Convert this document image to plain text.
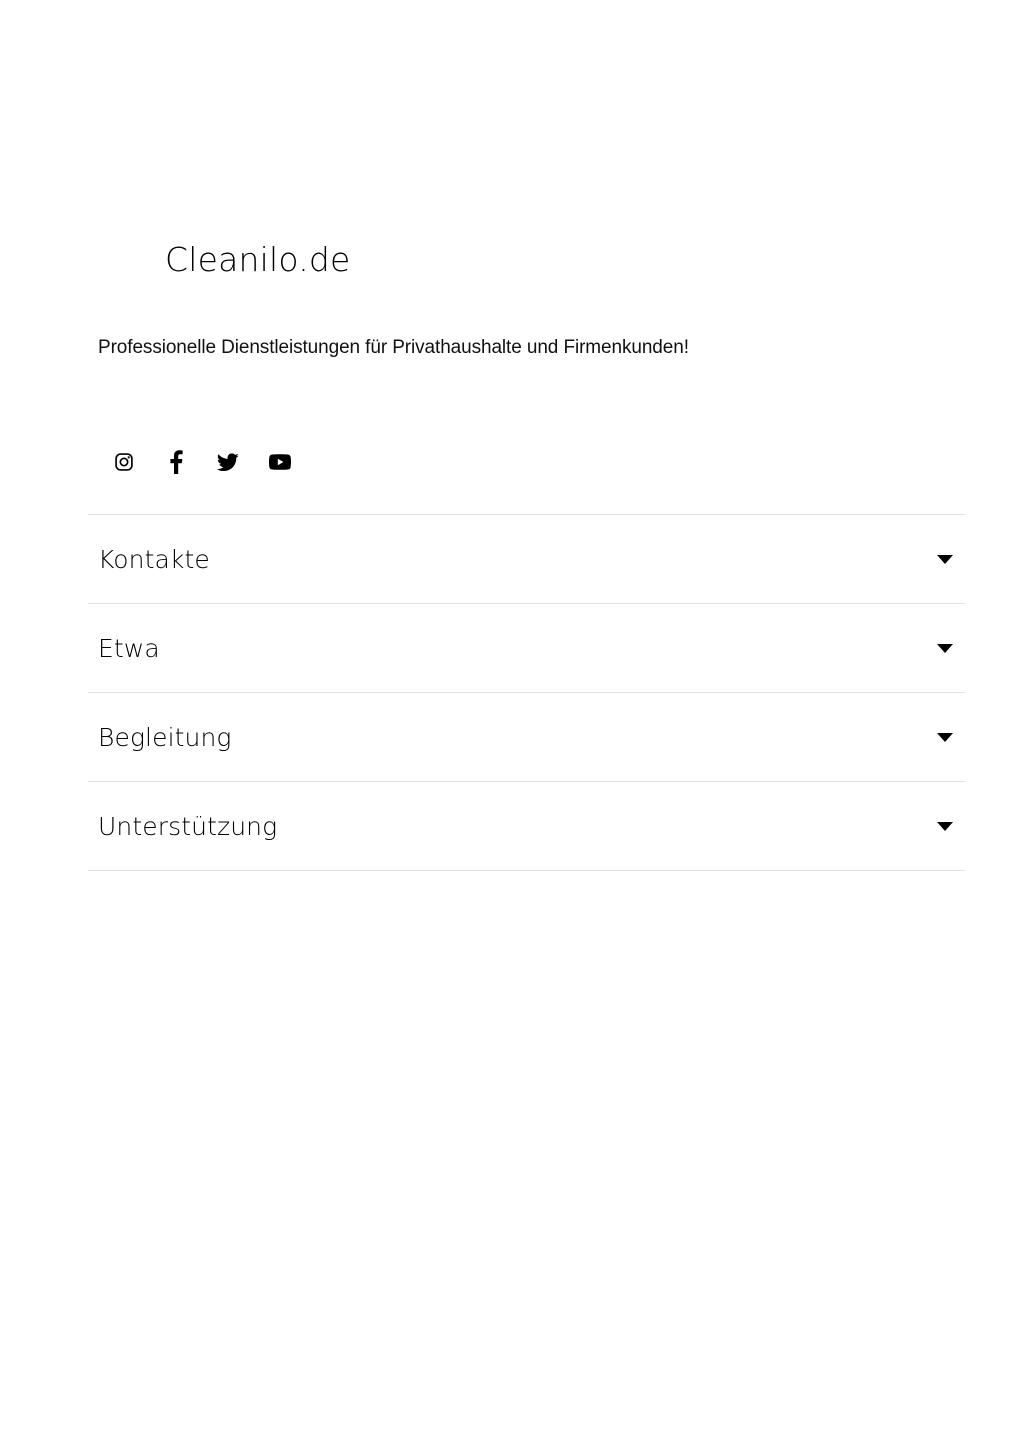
Cleanilo.de
Professionelle Dienstleistungen für Privathaushalte und Firmenkunden!
Kontakte
Etwa
Begleitung
Unterstützung
